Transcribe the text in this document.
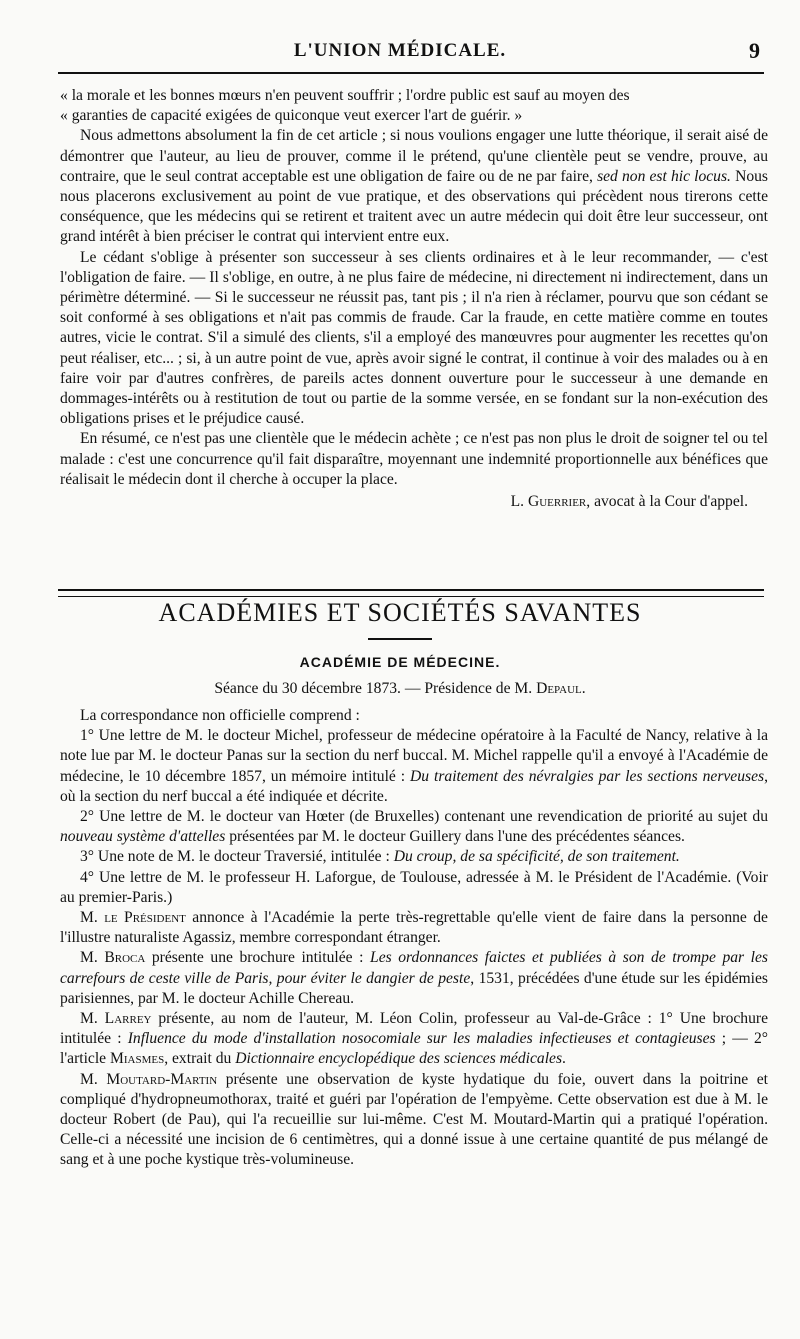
L'UNION MÉDICALE.	9

« la morale et les bonnes mœurs n'en peuvent souffrir ; l'ordre public est sauf au moyen des

« garanties de capacité exigées de quiconque veut exercer l'art de guérir. »

Nous admettons absolument la fin de cet article ; si nous voulions engager une lutte théorique, il serait aisé de démontrer que l'auteur, au lieu de prouver, comme il le prétend, qu'une clientèle peut se vendre, prouve, au contraire, que le seul contrat acceptable est une obligation de faire ou de ne par faire, sed non est hic locus. Nous nous placerons exclusivement au point de vue pratique, et des observations qui précèdent nous tirerons cette conséquence, que les médecins qui se retirent et traitent avec un autre médecin qui doit être leur successeur, ont grand intérêt à bien préciser le contrat qui intervient entre eux.

Le cédant s'oblige à présenter son successeur à ses clients ordinaires et à le leur recommander, — c'est l'obligation de faire. — Il s'oblige, en outre, à ne plus faire de médecine, ni directement ni indirectement, dans un périmètre déterminé. — Si le successeur ne réussit pas, tant pis ; il n'a rien à réclamer, pourvu que son cédant se soit conformé à ses obligations et n'ait pas commis de fraude. Car la fraude, en cette matière comme en toutes autres, vicie le contrat. S'il a simulé des clients, s'il a employé des manœuvres pour augmenter les recettes qu'on peut réaliser, etc... ; si, à un autre point de vue, après avoir signé le contrat, il continue à voir des malades ou à en faire voir par d'autres confrères, de pareils actes donnent ouverture pour le successeur à une demande en dommages-intérêts ou à restitution de tout ou partie de la somme versée, en se fondant sur la non-exécution des obligations prises et le préjudice causé.

En résumé, ce n'est pas une clientèle que le médecin achète ; ce n'est pas non plus le droit de soigner tel ou tel malade : c'est une concurrence qu'il fait disparaître, moyennant une indemnité proportionnelle aux bénéfices que réalisait le médecin dont il cherche à occuper la place.

L. Guerrier, avocat à la Cour d'appel.
ACADÉMIES ET SOCIÉTÉS SAVANTES
ACADÉMIE DE MÉDECINE.
Séance du 30 décembre 1873. — Présidence de M. Depaul.

La correspondance non officielle comprend :

1° Une lettre de M. le docteur Michel, professeur de médecine opératoire à la Faculté de Nancy, relative à la note lue par M. le docteur Panas sur la section du nerf buccal. M. Michel rappelle qu'il a envoyé à l'Académie de médecine, le 10 décembre 1857, un mémoire intitulé : Du traitement des névralgies par les sections nerveuses, où la section du nerf buccal a été indiquée et décrite.

2° Une lettre de M. le docteur van Hœter (de Bruxelles) contenant une revendication de priorité au sujet du nouveau système d'attelles présentées par M. le docteur Guillery dans l'une des précédentes séances.

3° Une note de M. le docteur Traversié, intitulée : Du croup, de sa spécificité, de son traitement.

4° Une lettre de M. le professeur H. Laforgue, de Toulouse, adressée à M. le Président de l'Académie. (Voir au premier-Paris.)

M. le Président annonce à l'Académie la perte très-regrettable qu'elle vient de faire dans la personne de l'illustre naturaliste Agassiz, membre correspondant étranger.

M. Broca présente une brochure intitulée : Les ordonnances faictes et publiées à son de trompe par les carrefours de ceste ville de Paris, pour éviter le dangier de peste, 1531, précédées d'une étude sur les épidémies parisiennes, par M. le docteur Achille Chereau.

M. Larrey présente, au nom de l'auteur, M. Léon Colin, professeur au Val-de-Grâce : 1° Une brochure intitulée : Influence du mode d'installation nosocomiale sur les maladies infectieuses et contagieuses ; — 2° l'article Miasmes, extrait du Dictionnaire encyclopédique des sciences médicales.

M. Moutard-Martin présente une observation de kyste hydatique du foie, ouvert dans la poitrine et compliqué d'hydropneumothorax, traité et guéri par l'opération de l'empyème. Cette observation est due à M. le docteur Robert (de Pau), qui l'a recueillie sur lui-même. C'est M. Moutard-Martin qui a pratiqué l'opération. Celle-ci a nécessité une incision de 6 centimètres, qui a donné issue à une certaine quantité de pus mélangé de sang et à une poche kystique très-volumineuse.
